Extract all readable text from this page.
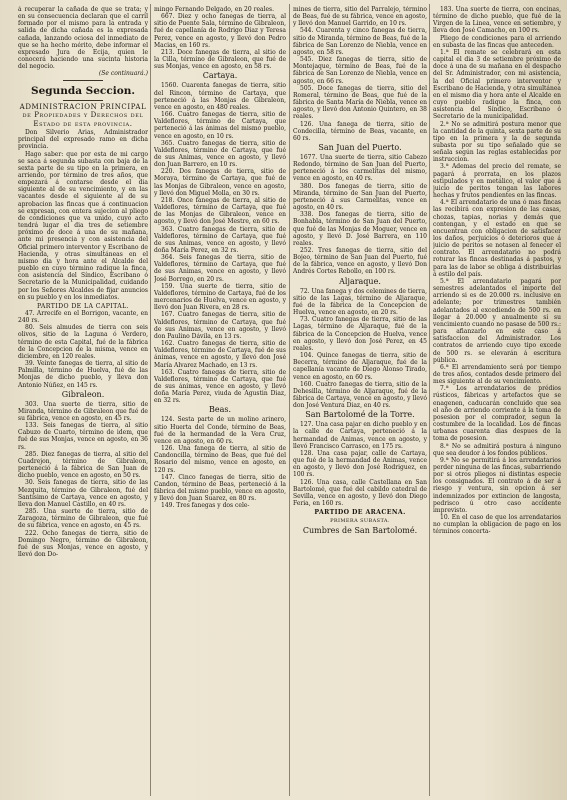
á recuperar la cañada de que se trata; y en su consecuencia declaran que el carril formado por el mismo para la entrada y salida de dicha cañada es la expresada cañada, lanzando ociosa del inmediato de que se ha hecho mérito, debe informar el expresado Jura de Ecija, quien le conocerá haciendo una sucinta historia del negocio.

(Se continuará.)

Segunda Seccion.

ADMINISTRACION PRINCIPAL de Propiedades y Derechos del Estado de esta provincia.

Don Silverio Arias, Administrador principal del expresado ramo en dicha provincia.

Hago saber: que por esta de mi cargo se saca á segunda subasta con baja de la sexta parte de su tipo en la primera, en arriendo, por término de tres años, que empezará á contarse desde el dia siguiente al de su vencimiento, y en las vacantes desde el siguiente al de su aprobacion las fincas que á continuacion se expresan, con entera sujecion al pliego de condiciones que va unido, cuyo acto tendrá lugar el dia tres de setiembre próximo de doce á una de su mañana, ante mi presencia y con asistencia del Oficial primero interventor y Escribano de Hacienda, y otras simultáneas en el mismo dia y hora ante el Alcalde del pueblo en cuyo término radique la finca, con asistencia del Síndico, Escribano ó Secretario de la Municipalidad, cuidando por los Señores Alcaldes de fijar anuncios en su pueblo y en los inmediatos.

PARTIDO DE LA CAPITAL.

47. Arrecife en el Borrigon, vacante, en 240 rs.

80. Seis almudes de tierra con seis olivos, sitio de la Laguna ó Verdero, término de esta Capital, fué de la fábrica de la Concepcion de la misma, vence en diciembre, en 120 reales.

39. Veinte fanegas de tierra, al sitio de Palmilla, término de Huelva, fué de las Monjas de dicho pueblo, y lleva don Antonio Núñez, en 145 rs.

Gibraleon.

303. Una suerte de tierra, sitio de Miranda, término de Gibraleon que fué de su fábrica, vence en agosto, en 45 rs.

133. Seis fanegas de tierra, al sitio Cabuzo de Cuarto, término de idem, que fué de sus Monjas, vence en agosto, en 36 rs.

285. Diez fanegas de tierra, al sitio del Cuadrejon, término de Gibraleon, perteneció á la fábrica de San Juan de dicho pueblo, vence en agosto, en 50 rs.

30. Seis fanegas de tierra, sitio de las Mezquita, término de Gibraleon, fué del Santísimo de Cartaya, vence en agosto, y lleva don Manuel Castillo, en 40 rs.

285. Una suerte de tierra, sitio de Zaragoza, término de Gibraleon, que fué de su fábrica, vence en agosto, en 45 rs.

222. Ocho fanegas de tierra, sitio de Domingo Negro, término de Gibraleon, fué de sus Monjas, vence en agosto, y llevó don Do-

mingo Fernando Delgado, en 20 reales.

667. Diez y ocho fanegas de tierra, al sitio de Puente Sala, término de Gibraleon, fué de capellanía de Rodrigo Diaz y Teresa Perez, vence en agosto, y llevó don Pedro Macias, en 160 rs.

213. Doce fanegas de tierra, al sitio de la Cilla, término de Gibraleon, que fué de sus Monjas, vence en agosto, en 58 rs.

Cartaya.

1560. Cuarenta fanegas de tierra, sitio del Rincon, término de Cartaya, que perteneció á las Monjas de Gibraleon, vence en agosto, en 480 reales.

166. Cuatro fanegas de tierra, sitio de Valdeflores, término de Cartaya, que perteneció á las ánimas del mismo pueblo, vence en agosto, en 10 rs.

365. Cuatro fanegas de tierra, sitio de Valdeflores, término de Cartaya, que fué de sus Animas, vence en agosto, y llevó don Juan Barrero, en 10 rs.

220. Dos fanegas de tierra, sitio de Moraya, término de Cartaya, que fué de las Monjas de Gibraleon, vence en agosto, y llevó don Miguel Molla, en 30 rs.

218. Once fanegas de tierra, al sitio de Valdeflores, término de Cartaya, que fué de las Monjas de Gibraleon, vence en agosto, y llevó don José Mestre, en 60 rs.

363. Cuatro fanegas de tierra, sitio de Valdeflores, término de Cartaya, que fué de sus Animas, vence en agosto, y llevó doña María Perez, en 32 rs.

364. Seis fanegas de tierra, sitio de Valdeflores, término de Cartaya, que fué de sus Animas, vence en agosto, y llevó José Borrego, en 20 rs.

159. Una suerte de tierra, sitio de Valdeflores, término de Cartaya, fué de los mercenarios de Huelva, vence en agosto, y llevó don Juan Rivera, en 28 rs.

167. Cuatro fanegas de tierra, sitio de Valdeflores, término de Cartaya, que fué de sus Animas, vence en agosto, y llevó don Paulino Dávila, en 13 rs.

162. Cuatro fanegas de tierra, sitio de Valdeflores, término de Cartaya, fué de sus ánimas, vence en agosto, y llevó don José María Alvarez Machado, en 13 rs.

163. Cuatro fanegas de tierra, sitio de Valdeflores, término de Cartaya, que fué de sus ánimas, vence en agosto, y llevó doña María Perez, viuda de Agustin Diaz, en 32 rs.

Beas.

124. Sesta parte de un molino arinero, sitio Huerta del Conde, término de Beas, fué de la hermandad de la Vera Cruz, vence en agosto, en 60 rs.

126. Una fanega de tierra, al sitio de Candoncilla, término de Beas, que fué del Rosario del mismo, vence en agosto, en 120 rs.

147. Cinco fanegas de tierra, sitio de Candon, término de Beas, perteneció á la fábrica del mismo pueblo, vence en agosto, y llevó don Juan Suarez, en 80 rs.

149. Tres fanegas y dos cele-

mines de tierra, sitio del Parralejo, término de Beas, fué de su fábrica, vence en agosto, y llevó don Manuel Garrido, en 10 rs.

544. Cuarenta y cinco fanegas de tierra, sitio de Miranda, término de Beas, fué de la fábrica de San Lorenzo de Niebla, vence en agosto, en 58 rs.

545. Diez fanegas de tierra, sitio de Montejaque, término de Beas, fué de la fábrica de San Lorenzo de Niebla, vence en agosto, en 66 rs.

505. Doce fanegas de tierra, sitio del Romeral, término de Beas, que fué de la fábrica de Santa María de Niebla, vence en agosto, y llevó don Antonio Quintero, en 38 reales.

126. Una fanega de tierra, sitio de Condecilla, término de Beas, vacante, en 60 rs.

San Juan del Puerto.

1677. Una suerte de tierra, sitio Cabezo Redondo, término de San Juan del Puerto, perteneció á los carmelitas del mismo, vence en agosto, en 40 rs.

380. Dos fanegas de tierra, sitio de Miranda, término de San Juan del Puerto, perteneció á sus Carmelitas, vence en agosto, en 40 rs.

338. Dos fanegas de tierra, sitio de Bonhabla, término de San Juan del Puerto, que fué de las Monjas de Moguer, vence en agosto, y llevó D. José Barrera, en 110 reales.

252. Tres fanegas de tierra, sitio del Bojeo, término de San Juan del Puerto, fué de la fábrica, vence en agosto, y llevó Don Andrés Cortes Rebollo, en 100 rs.

Aljaraque.

72. Una fanega y dos celemines de tierra, sitio de las Lagas, término de Aljaraque, fué de la fábrica de la Concepcion de Huelva, vence en agosto, en 20 rs.

73. Cuatro fanegas de tierra, sitio de las Lagas, término de Aljaraque, fué de la fábrica de la Concepcion de Huelva, vence en agosto, y llevó don José Perez, en 45 reales.

104. Quince fanegas de tierra, sitio de Becerra, término de Aljaraque, fué de la capellanía vacante de Diego Alonso Tirado, vence en agosto, en 60 rs.

160. Cuatro fanegas de tierra, sitio de la Dehesilla, término de Aljaraque, fué de la fábrica de Cartaya, vence en agosto, y llevó don José Ventura Diaz, en 40 rs.

San Bartolomé de la Torre.

127. Una casa pajar en dicho pueblo y en la calle de Cartaya, perteneció á la hermandad de Animas, vence en agosto, y llevó Francisco Carrasco, en 175 rs.

128. Una casa pajar, calle de Cartaya, que fué de la hermandad de Animas, vence en agosto, y llevó don José Rodriguez, en 100 rs.

126. Una casa, calle Castellana en San Bartolomé, que fué del cabildo catedral de Sevilla, vence en agosto, y llevó don Diego Feria, en 160 rs.

PARTIDO DE ARACENA.

PRIMERA SUBASTA.

Cumbres de San Bartolomé.

183. Una suerte de tierra, con encinas, término de dicho pueblo, que fué de la Virgen de la Linea, vence en setiembre, y lleva don José Camacho, en 100 rs.

Pliego de condiciones para el arriendo en subasta de las fincas que anteceden.

1.ª El remate se celebrará en esta capital el dia 3 de setiembre próximo de doce á una de su mañana en el despacho del Sr. Administrador, con mi asistencia, la del Oficial primero interventor y Escribano de Hacienda, y otra simultánea en el mismo dia y hora ante el Alcalde en cuyo pueblo radique la finca, con asistencia del Síndico, Escribano ó Secretario de la municipalidad.

2.ª No se admitirá postura menor que la cantidad de la quinta, sexta parte de su tipo en la primera y la de segunda subasta por su tipo señalado que se señala según las reglas establecidas por instruccion.

3.ª Ademas del precio del remate, se pagará á prorrata, en los plazos estipulados y en metálico, el valor que á juicio de peritos tengan las labores hechas y frutos pendientes en las fincas.

4.ª El arrendatario de una ó mas fincas las recibirá con expresion de las casas, chozas, tapias, norias y demás que contengan, y el estado en que se encuentran con obligacion de satisfacer los daños, perjuicios ó deterioros que á juicio de peritos se notasen al fenecer el contrato. El arrendatario no podrá roturar las fincas destinadas á pastos, y para las de labor se obliga á distribuirlas á estilo del país.

5.ª El arrendatario pagará por semestres adelantados el importe del arriendo si es de 20.000 rs. inclusive en adelante; por trimestres también adelantados al excediendo de 500 rs. en llegar á 20.000 y anualmente si su vencimiento cuando no pasase de 500 rs.: para afianzarlo en este caso á satisfaccion del Administrador. Los contratos de arriendo cuyo tipo excede de 500 rs. se elevarán á escritura pública.

6.ª El arrendamiento será por tiempo de tres años, contados desde primero del mes siguiente al de su vencimiento.

7.ª Los arrendatarios de prédios rústicos, fábricas y artefactos que se enagenen, caducarán concluido que sea el año de arriendo corriente á la toma de posesion por el comprador, segun la costumbre de la localidad. Los de fincas urbanas cuarenta dias despues de la toma de posesion.

8.ª No se admitirá postura á ninguno que sea deudor á los fondos públicos.

9.ª No se permitirá á los arrendatarios perder ninguna de las fincas, subarriendo por si otros pliegos ni distintas especie los consignados. El contrato á de ser á riesgo y ventura, sin opcion á ser indemnizados por extincion de langosta, pedrisco ú otro caso accidente imprevisto.

10. En el caso de que los arrendatarios no cumplan la obligacion de pago en los términos concerta-
